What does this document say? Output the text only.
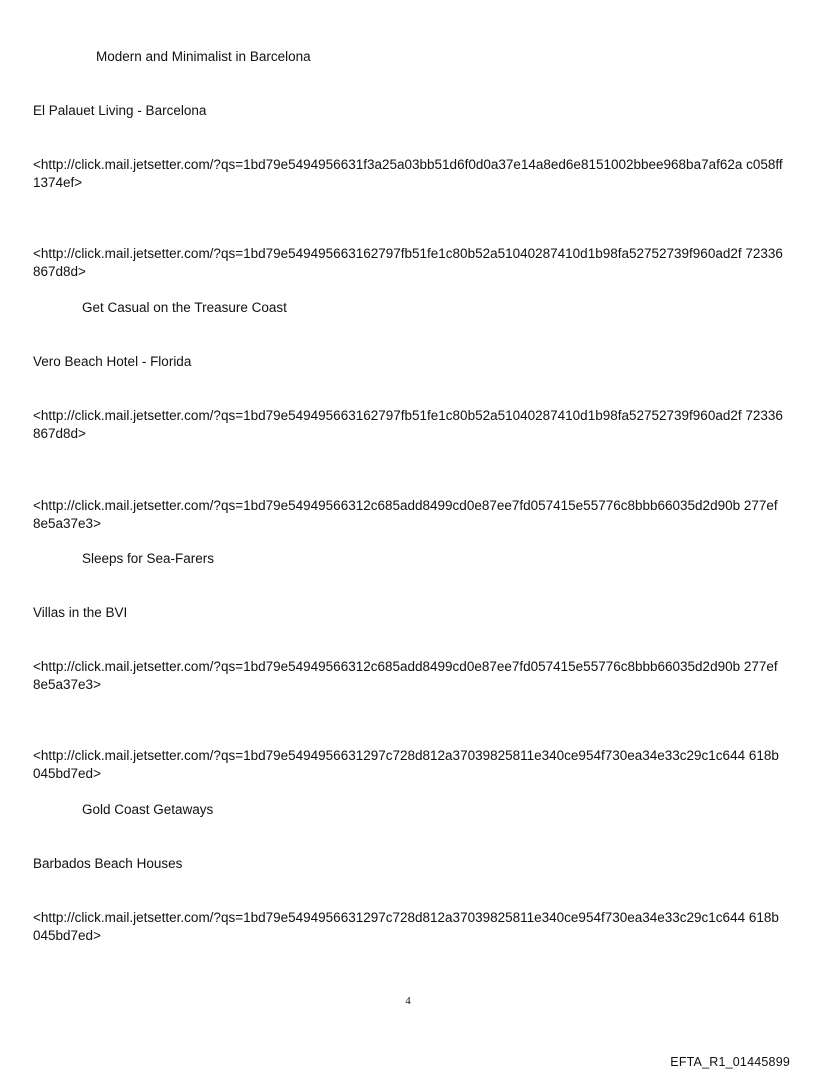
Modern and Minimalist in Barcelona
El Palauet Living - Barcelona
<http://click.mail.jetsetter.com/?qs=1bd79e5494956631f3a25a03bb51d6f0d0a37e14a8ed6e8151002bbee968ba7af62a c058ff1374ef>
<http://click.mail.jetsetter.com/?qs=1bd79e549495663162797fb51fe1c80b52a51040287410d1b98fa52752739f960ad2f 72336867d8d>
Get Casual on the Treasure Coast
Vero Beach Hotel - Florida
<http://click.mail.jetsetter.com/?qs=1bd79e549495663162797fb51fe1c80b52a51040287410d1b98fa52752739f960ad2f 72336867d8d>
<http://click.mail.jetsetter.com/?qs=1bd79e54949566312c685add8499cd0e87ee7fd057415e55776c8bbb66035d2d90b 277ef8e5a37e3>
Sleeps for Sea-Farers
Villas in the BVI
<http://click.mail.jetsetter.com/?qs=1bd79e54949566312c685add8499cd0e87ee7fd057415e55776c8bbb66035d2d90b 277ef8e5a37e3>
<http://click.mail.jetsetter.com/?qs=1bd79e5494956631297c728d812a37039825811e340ce954f730ea34e33c29c1c644 618b045bd7ed>
Gold Coast Getaways
Barbados Beach Houses
<http://click.mail.jetsetter.com/?qs=1bd79e5494956631297c728d812a37039825811e340ce954f730ea34e33c29c1c644 618b045bd7ed>
4
EFTA_R1_01445899
